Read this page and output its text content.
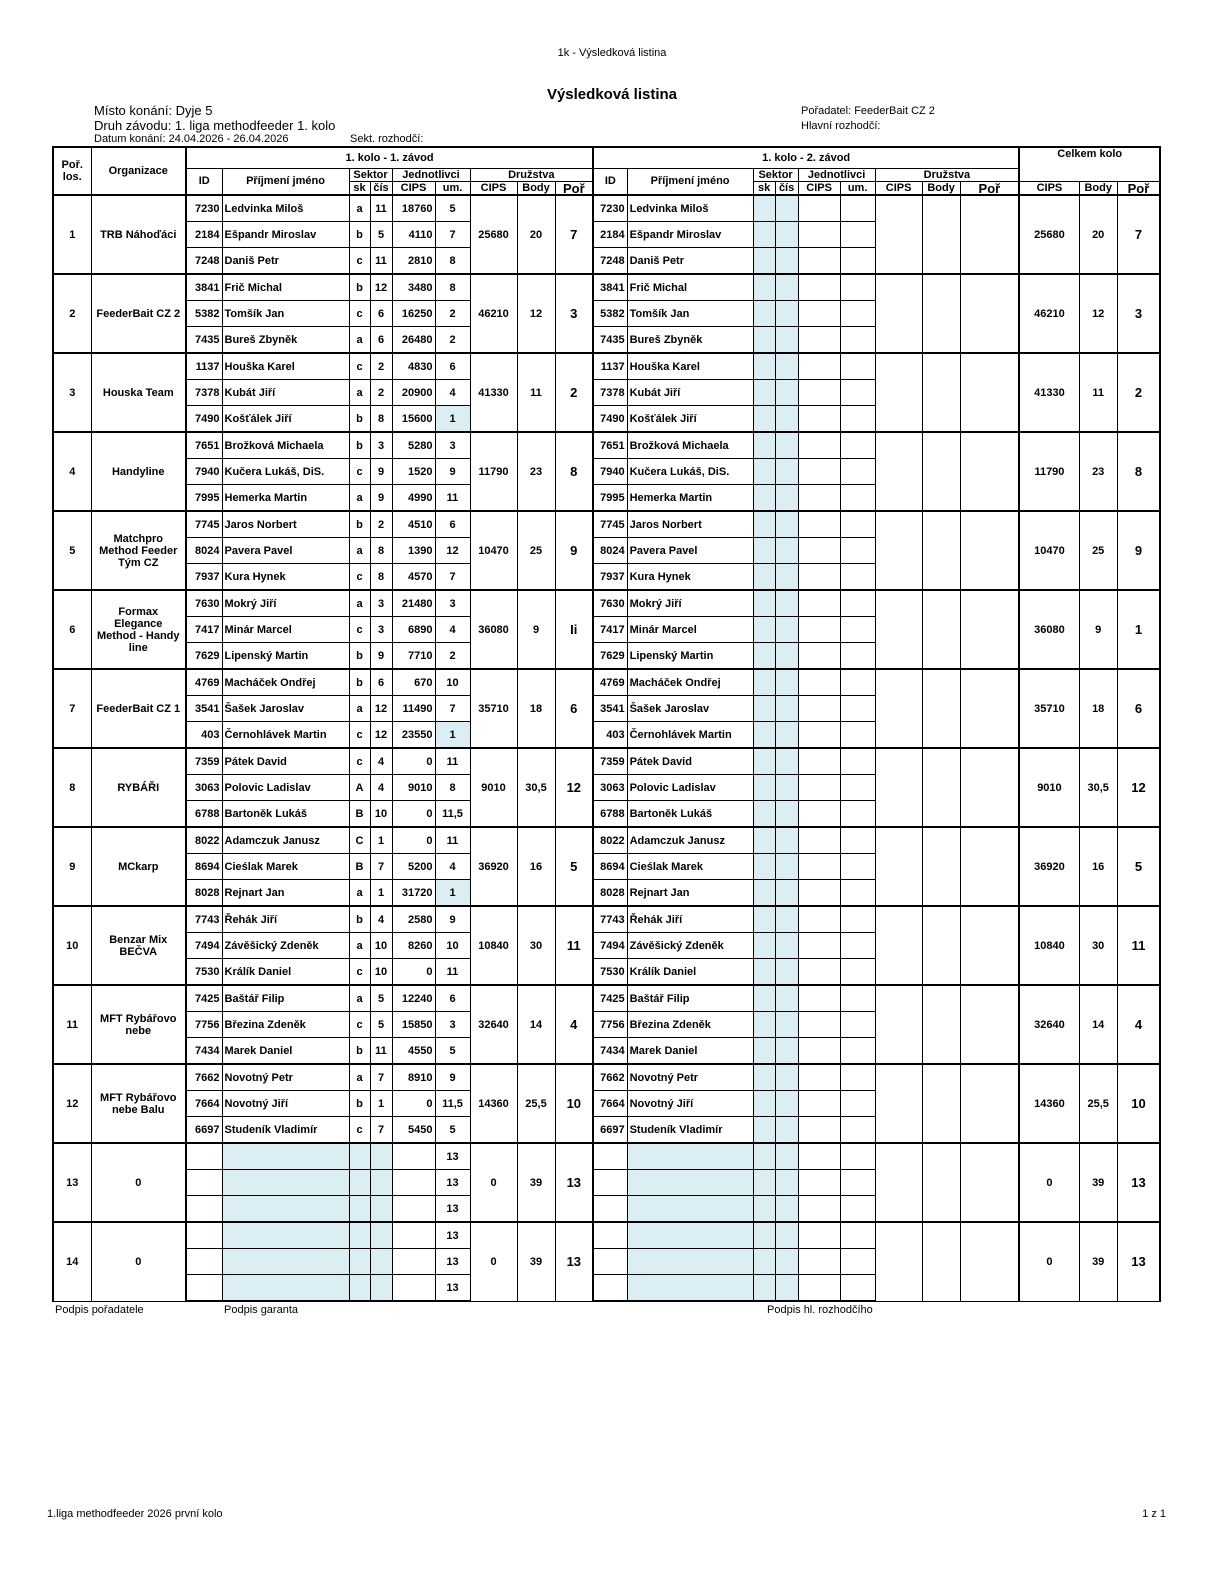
1k - Výsledková listina
Výsledková listina
Místo konání: Dyje 5
Druh závodu: 1. liga methodfeeder 1. kolo
Datum konání: 24.04.2026 - 26.04.2026	Sekt. rozhodčí:
Pořadatel: FeederBait CZ 2
Hlavní rozhodčí:
Poř. los.	Organizace	1. kolo - 1. závod									1. kolo - 2. závod									Celkem kolo		
		ID	Příjmení jméno	Sektor		Jednotlivci		Družstva			ID	Příjmení jméno	Sektor		Jednotlivci		Družstva					
				sk	čís	CIPS	um.	CIPS	Body	Poř			sk	čís	CIPS	um.	CIPS	Body	Poř	CIPS	Body	Poř
1	TRB Náhoďáci	7230	Ledvinka Miloš	a	11	18760	5	25680	20	7	7230	Ledvinka Miloš								25680	20	7
		2184	Ešpandr Miroslav	b	5	4110	7				2184	Ešpandr Miroslav										
		7248	Daniš Petr	c	11	2810	8				7248	Daniš Petr										
2	FeederBait CZ 2	3841	Frič Michal	b	12	3480	8	46210	12	3	3841	Frič Michal								46210	12	3
		5382	Tomšík Jan	c	6	16250	2				5382	Tomšík Jan										
		7435	Bureš Zbyněk	a	6	26480	2				7435	Bureš Zbyněk										
3	Houska Team	1137	Houška Karel	c	2	4830	6	41330	11	2	1137	Houška Karel								41330	11	2
		7378	Kubát Jiří	a	2	20900	4				7378	Kubát Jiří										
		7490	Košťálek Jiří	b	8	15600	1				7490	Košťálek Jiří										
4	Handyline	7651	Brožková Michaela	b	3	5280	3	11790	23	8	7651	Brožková Michaela								11790	23	8
		7940	Kučera Lukáš, DiS.	c	9	1520	9				7940	Kučera Lukáš, DiS.										
		7995	Hemerka Martin	a	9	4990	11				7995	Hemerka Martin										
5	Matchpro Method Feeder Tým CZ	7745	Jaros Norbert	b	2	4510	6	10470	25	9	7745	Jaros Norbert								10470	25	9
		8024	Pavera Pavel	a	8	1390	12				8024	Pavera Pavel										
		7937	Kura Hynek	c	8	4570	7				7937	Kura Hynek										
6	Formax Elegance Method - Handy line	7630	Mokrý Jiří	a	3	21480	3	36080	9	Ii	7630	Mokrý Jiří								36080	9	1
		7417	Minár Marcel	c	3	6890	4				7417	Minár Marcel										
		7629	Lipenský Martin	b	9	7710	2				7629	Lipenský Martin										
7	FeederBait CZ 1	4769	Macháček Ondřej	b	6	670	10	35710	18	6	4769	Macháček Ondřej								35710	18	6
		3541	Šašek Jaroslav	a	12	11490	7				3541	Šašek Jaroslav										
		403	Černohlávek Martin	c	12	23550	1				403	Černohlávek Martin										
8	RYBÁŘI	7359	Pátek David	c	4	0	11	9010	30,5	12	7359	Pátek David								9010	30,5	12
		3063	Polovic Ladislav	A	4	9010	8				3063	Polovic Ladislav										
		6788	Bartoněk Lukáš	B	10	0	11,5				6788	Bartoněk Lukáš										
9	MCkarp	8022	Adamczuk Janusz	C	1	0	11	36920	16	5	8022	Adamczuk Janusz								36920	16	5
		8694	Cieślak Marek	B	7	5200	4				8694	Cieślak Marek										
		8028	Rejnart Jan	a	1	31720	1				8028	Rejnart Jan										
10	Benzar Mix BEČVA	7743	Řehák Jiří	b	4	2580	9	10840	30	11	7743	Řehák Jiří								10840	30	11
		7494	Závěšický Zdeněk	a	10	8260	10				7494	Závěšický Zdeněk										
		7530	Králík Daniel	c	10	0	11				7530	Králík Daniel										
11	MFT Rybářovo nebe	7425	Baštář Filip	a	5	12240	6	32640	14	4	7425	Baštář Filip								32640	14	4
		7756	Březina Zdeněk	c	5	15850	3				7756	Březina Zdeněk										
		7434	Marek Daniel	b	11	4550	5				7434	Marek Daniel										
12	MFT Rybářovo nebe Balu	7662	Novotný Petr	a	7	8910	9	14360	25,5	10	7662	Novotný Petr								14360	25,5	10
		7664	Novotný Jiří	b	1	0	11,5				7664	Novotný Jiří										
		6697	Studeník Vladimír	c	7	5450	5				6697	Studeník Vladimír										
13	0						13	0	39	13										0	39	13
							13															
							13															
14	0						13	0	39	13										0	39	13
							13															
							13															
Podpis pořadatele	Podpis garanta	Podpis hl. rozhodčího
1.liga methodfeeder 2026 první kolo	1 z 1
